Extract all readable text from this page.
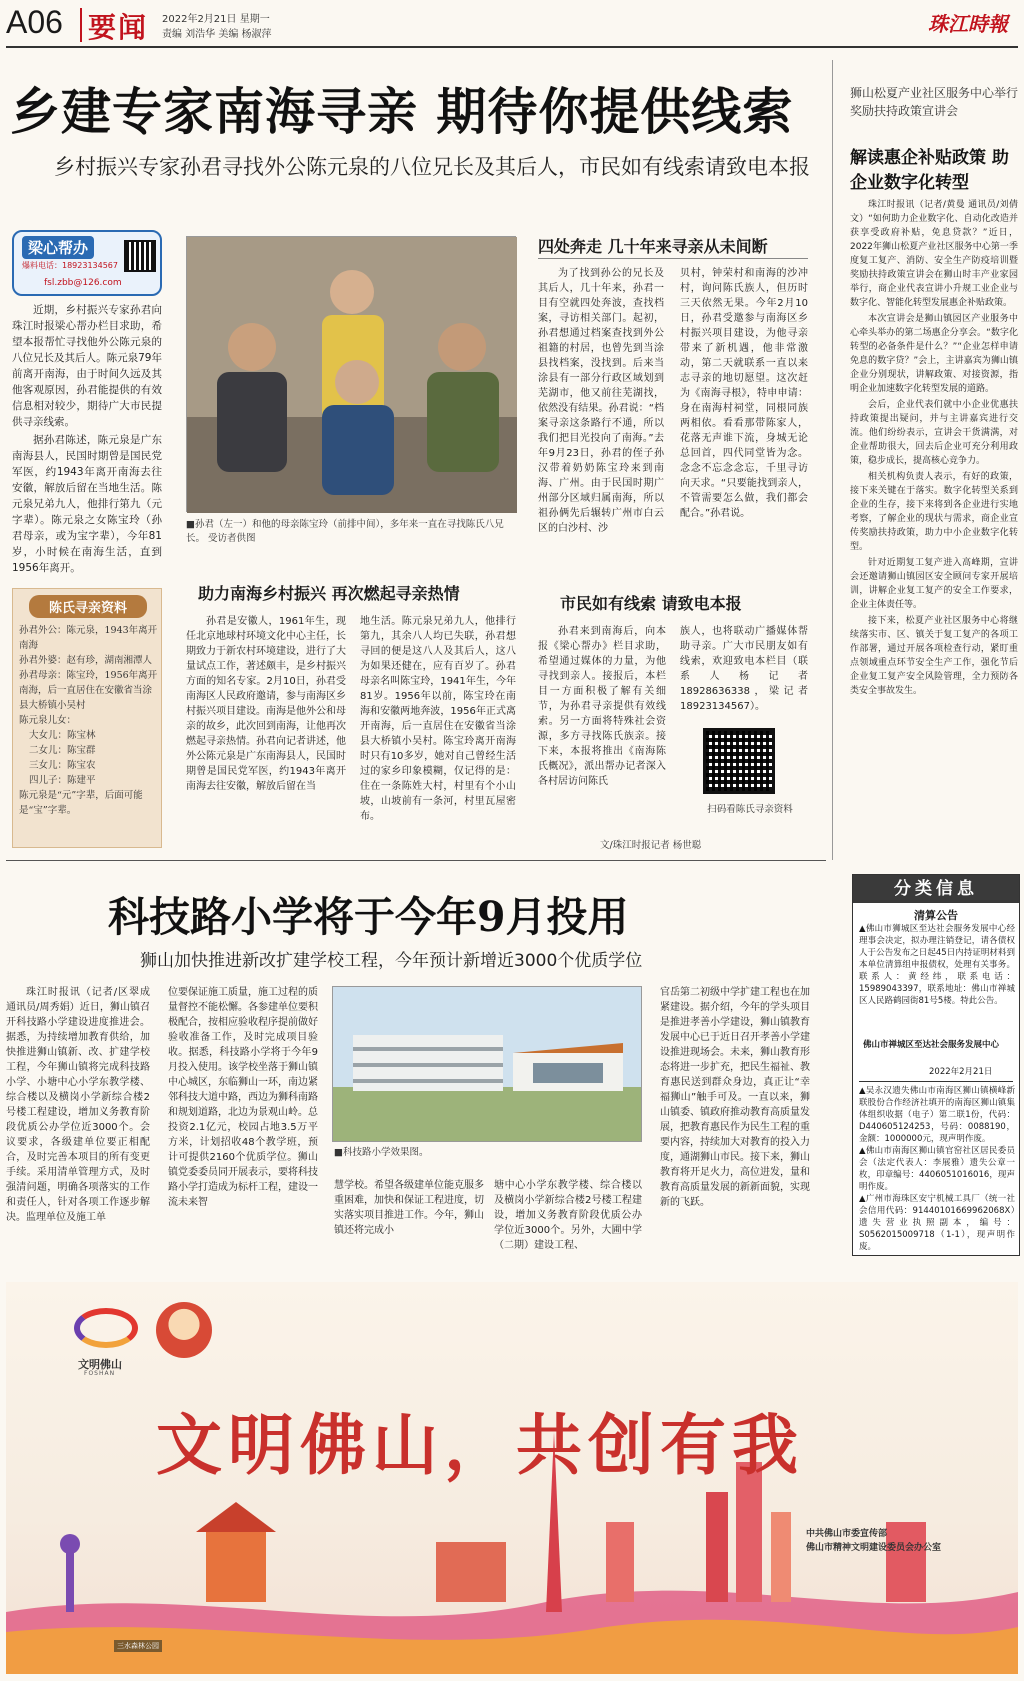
A06 要闻 2022年2月21日 星期一
责编 刘浩华 美编 杨淑萍	珠江時報
乡建专家南海寻亲 期待你提供线索
乡村振兴专家孙君寻找外公陈元泉的八位兄长及其后人，市民如有线索请致电本报
梁心帮办
爆料电话：18923134567
fsl.zbb@126.com

近期，乡村振兴专家孙君向珠江时报梁心帮办栏目求助，希望本报帮忙寻找他外公陈元泉的八位兄长及其后人。陈元泉79年前离开南海，由于时间久远及其他客观原因，孙君能提供的有效信息相对较少，期待广大市民提供寻亲线索。

据孙君陈述，陈元泉是广东南海县人，民国时期曾是国民党军医，约1943年离开南海去往安徽，解放后留在当地生活。陈元泉兄弟九人，他排行第九（元字辈）。陈元泉之女陈宝玲（孙君母亲，或为宝字辈），今年81岁，小时候在南海生活，直到1956年离开。

陈氏寻亲资料
孙君外公：陈元泉，1943年离开南海
孙君外婆：赵有珍，湖南湘潭人
孙君母亲：陈宝玲，1956年离开南海，后一直居住在安徽省当涂县大桥镇小吴村
陈元泉儿女：
大女儿：陈宝林
二女儿：陈宝群
三女儿：陈宝农
四儿子：陈建平
陈元泉是“元”字辈，后面可能是“宝”字辈。
■孙君（左一）和他的母亲陈宝玲（前排中间），多年来一直在寻找陈氏八兄长。 受访者供图
四处奔走 几十年来寻亲从未间断
为了找到孙公的兄长及其后人，几十年来，孙君一目有空就四处奔波，查找档案，寻访相关部门。起初，孙君想通过档案查找到外公祖籍的村居，也曾先到当涂县找档案，没找到。后来当涂县有一部分行政区域划到芜湖市，他又前往芜湖找，依然没有结果。孙君说：“档案寻亲这条路行不通，所以我们把目光投向了南海。”去年9月23日，孙君的侄子孙汉带着奶奶陈宝玲来到南海、广州。由于民国时期广州部分区域归属南海，所以祖孙俩先后辗转广州市白云区的白沙村、沙
贝村，钟荣村和南海的沙冲村，询问陈氏族人，但历时三天依然无果。今年2月10日，孙君受邀参与南海区乡村振兴项目建设，为他寻亲带来了新机遇，他非常激动，第二天就联系一直以来志寻亲的地切愿望。这次赶为《南海寻根》，特申申请：身在南海村祠堂，同根同族两相依。看看那带陈家人，花落无声谁下流，身城无论总回首，四代同堂皆为念。念念不忘念念忘，千里寻访向天求。“只要能找到亲人，不管需要怎么做，我们都会配合。”孙君说。
助力南海乡村振兴 再次燃起寻亲热情
孙君是安徽人，1961年生，现任北京地球村环境文化中心主任，长期致力于新农村环境建设，进行了大量试点工作，著述颇丰，是乡村振兴方面的知名专家。2月10日，孙君受南海区人民政府邀请，参与南海区乡村振兴项目建设。南海是他外公和母亲的故乡，此次回到南海，让他再次燃起寻亲热情。孙君向记者讲述，他外公陈元泉是广东南海县人，民国时期曾是国民党军医，约1943年离开南海去往安徽，解放后留在当
地生活。陈元泉兄弟九人，他排行第九，其余八人均已失联，孙君想寻回的便是这八人及其后人，这八为如果还健在，应有百岁了。孙君母亲名叫陈宝玲，1941年生，今年81岁。1956年以前，陈宝玲在南海和安徽两地奔波，1956年正式离开南海，后一直居住在安徽省当涂县大桥镇小吴村。陈宝玲离开南海时只有10多岁，她对自己曾经生活过的家乡印象模糊，仅记得的是：住在一条陈姓大村，村里有个小山坡，山坡前有一条河，村里瓦屋密布。
市民如有线索 请致电本报
孙君来到南海后，向本报《梁心帮办》栏目求助，希望通过媒体的力量，为他寻找到亲人。接报后，本栏目一方面积极了解有关细节，为孙君寻亲提供有效线索。另一方面将特殊社会资源，多方寻找陈氏族亲。接下来，本报将推出《南海陈氏概况》，派出帮办记者深入各村居访问陈氏
族人，也将联动广播媒体帮助寻亲。广大市民朋友如有线索，欢迎致电本栏目（联系人杨记者18928636338，梁记者18923134567）。
扫码看陈氏寻亲资料
文/珠江时报记者 杨世聪
狮山松夏产业社区服务中心举行奖励扶持政策宣讲会
解读惠企补贴政策 助企业数字化转型

珠江时报讯（记者/黄曼 通讯员/刘倩文）“如何助力企业数字化、自动化改造并获享受政府补贴，免息贷款？”近日，2022年狮山松夏产业社区服务中心第一季度复工复产、消防、安全生产防疫培训暨奖励扶持政策宣讲会在狮山时丰产业家园举行，商企业代表宣讲小升规工业企业与数字化、智能化转型发展惠企补贴政策。

本次宣讲会是狮山镇园区产业服务中心牵头举办的第二场惠企分享会。“数字化转型的必备条件是什么？”“企业怎样申请免息的数字贷？”会上，主讲嘉宾为狮山镇企业分别现状，讲解政策、对接资源，指明企业加速数字化转型发展的道路。

会后，企业代表们就中小企业优惠扶持政策提出疑问，并与主讲嘉宾进行交流。他们纷纷表示，宣讲会干货满满，对企业帮助很大，回去后企业可充分利用政策，稳步成长，提高核心竞争力。

相关机构负责人表示，有好的政策，接下来关键在于落实。数字化转型关系到企业的生存，接下来将到各企业进行实地考察，了解企业的现状与需求，商企业宣传奖励扶持政策，助力中小企业数字化转型。

针对近期复工复产进入高峰期，宣讲会还邀请狮山镇园区安全顾问专家开展培训，讲解企业复工复产的安全工作要求，企业主体责任等。

接下来，松夏产业社区服务中心将继续落实市、区、镇关于复工复产的各项工作部署，通过开展各项检查行动，紧盯重点领域重点环节安全生产工作，强化节后企业复工复产安全风险管理，全力预防各类安全事故发生。

分类信息
清算公告
▲佛山市狮城区至达社会服务发展中心经理事会决定，拟办理注销登记，请各债权人于公告发布之日起45日内持证明材料到本单位清算组申报债权，处理有关事务。联系人：黄经纬，联系电话：15989043397，联系地址：佛山市禅城区人民路鹤园街81号5楼。特此公告。
佛山市禅城区至达社会服务发展中心
2022年2月21日
▲吴永汉遗失佛山市南海区狮山镇横峰新联股份合作经济社填开的南海区狮山镇集体组织收据（电子）第二联1份，代码：D440605124253，号码：0088190，金额：1000000元，现声明作废。
▲佛山市南海区狮山镇官窑社区居民委员会（法定代表人：李展雅）遗失公章一枚，印章编号：4406051016016，现声明作废。
▲广州市海珠区安宁机械工具厂（统一社会信用代码：91440101669962068X）遗失营业执照副本，编号：S0562015009718（1-1），现声明作废。
科技路小学将于今年9月投用
狮山加快推进新改扩建学校工程，今年预计新增近3000个优质学位
珠江时报讯（记者/区翠成 通讯员/周秀娟）近日，狮山镇召开科技路小学建设进度推进会。据悉，为持续增加教育供给，加快推进狮山镇新、改、扩建学校工程，今年狮山镇将完成科技路小学、小塘中心小学东教学楼、综合楼以及横岗小学新综合楼2号楼工程建设，增加义务教育阶段优质公办学位近3000个。会议要求，各级建单位要正相配合，及时完善本项目的所有变更手续。采用清单管理方式，及时强清问题，明确各项落实的工作和责任人，针对各项工作逐步解决。监理单位及施工单
位要保证施工质量，施工过程的质量督控不能松懈。各参建单位要积极配合，按相应验收程序提前做好验收准备工作，及时完成项目验收。据悉，科技路小学将于今年9月投入使用。该学校坐落于狮山镇中心城区，东临狮山一环，南边紧邻科技大道中路，西边为狮科南路和规划道路，北边为景观山岭。总投资2.1亿元，校园占地3.5万平方米，计划招收48个教学班，预计可提供2160个优质学位。狮山镇党委委员同开展表示，要将科技路小学打造成为标杆工程，建设一流未来智
■科技路小学效果图。
慧学校。希望各级建单位能克服多重困难，加快和保证工程进度，切实落实项目推进工作。今年，狮山镇还将完成小
塘中心小学东教学楼、综合楼以及横岗小学新综合楼2号楼工程建设，增加义务教育阶段优质公办学位近3000个。另外，大圃中学（二期）建设工程、
官岳第二初级中学扩建工程也在加紧建设。据介绍，今年的学头项目是推进孝善小学建设，狮山镇教育发展中心已于近日召开孝善小学建设推进现场会。未来，狮山教育形态将进一步扩充，把民生福祉、教育惠民送到群众身边，真正让“幸福狮山”触手可及。一直以来，狮山镇委、镇政府推动教育高质量发展，把教育惠民作为民生工程的重要内容，持续加大对教育的投入力度，通湖狮山市民。接下来，狮山教育将开足火力，高位进发，量和教育高质量发展的新新面貌，实现新的飞跃。
文明佛山
FOSHAN
文明佛山，共创有我
中共佛山市委宣传部
佛山市精神文明建设委员会办公室
三水森林公园
